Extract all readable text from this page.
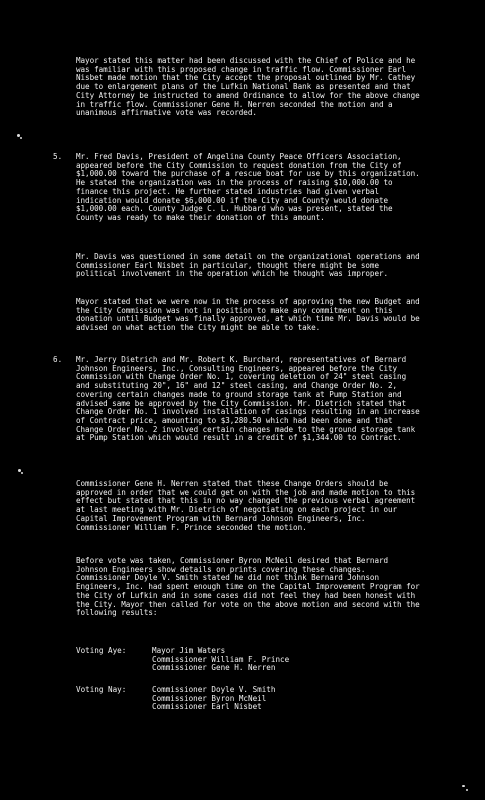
Mayor stated this matter had been discussed with the Chief of Police and he was familiar with this proposed change in traffic flow. Commissioner Earl Nisbet made motion that the City accept the proposal outlined by Mr. Cathey due to enlargement plans of the Lufkin National Bank as presented and that City Attorney be instructed to amend Ordinance to allow for the above change in traffic flow. Commissioner Gene H. Nerren seconded the motion and a unanimous affirmative vote was recorded.

5. Mr. Fred Davis, President of Angelina County Peace Officers Association, appeared before the City Commission to request donation from the City of $1,000.00 toward the purchase of a rescue boat for use by this organization. He stated the organization was in the process of raising $10,000.00 to finance this project. He further stated industries had given verbal indication would donate $6,000.00 if the City and County would donate $1,000.00 each. County Judge C. L. Hubbard who was present, stated the County was ready to make their donation of this amount.

Mr. Davis was questioned in some detail on the organizational operations and Commissioner Earl Nisbet in particular, thought there might be some political involvement in the operation which he thought was improper.

Mayor stated that we were now in the process of approving the new Budget and the City Commission was not in position to make any commitment on this donation until Budget was finally approved, at which time Mr. Davis would be advised on what action the City might be able to take.

6. Mr. Jerry Dietrich and Mr. Robert K. Burchard, representatives of Bernard Johnson Engineers, Inc., Consulting Engineers, appeared before the City Commission with Change Order No. 1, covering deletion of 24" steel casing and substituting 20", 16" and 12" steel casing, and Change Order No. 2, covering certain changes made to ground storage tank at Pump Station and advised same be approved by the City Commission. Mr. Dietrich stated that Change Order No. 1 involved installation of casings resulting in an increase of Contract price, amounting to $3,280.50 which had been done and that Change Order No. 2 involved certain changes made to the ground storage tank at Pump Station which would result in a credit of $1,344.00 to Contract.

Commissioner Gene H. Nerren stated that these Change Orders should be approved in order that we could get on with the job and made motion to this effect but stated that this in no way changed the previous verbal agreement at last meeting with Mr. Dietrich of negotiating on each project in our Capital Improvement Program with Bernard Johnson Engineers, Inc. Commissioner William F. Prince seconded the motion.

Before vote was taken, Commissioner Byron McNeil desired that Bernard Johnson Engineers show details on prints covering these changes. Commissioner Doyle V. Smith stated he did not think Bernard Johnson Engineers, Inc. had spent enough time on the Capital Improvement Program for the City of Lufkin and in some cases did not feel they had been honest with the City. Mayor then called for vote on the above motion and second with the following results:

Voting Aye:	Mayor Jim Waters
Commissioner William F. Prince
Commissioner Gene H. Nerren
Voting Nay:	Commissioner Doyle V. Smith
Commissioner Byron McNeil
Commissioner Earl Nisbet
